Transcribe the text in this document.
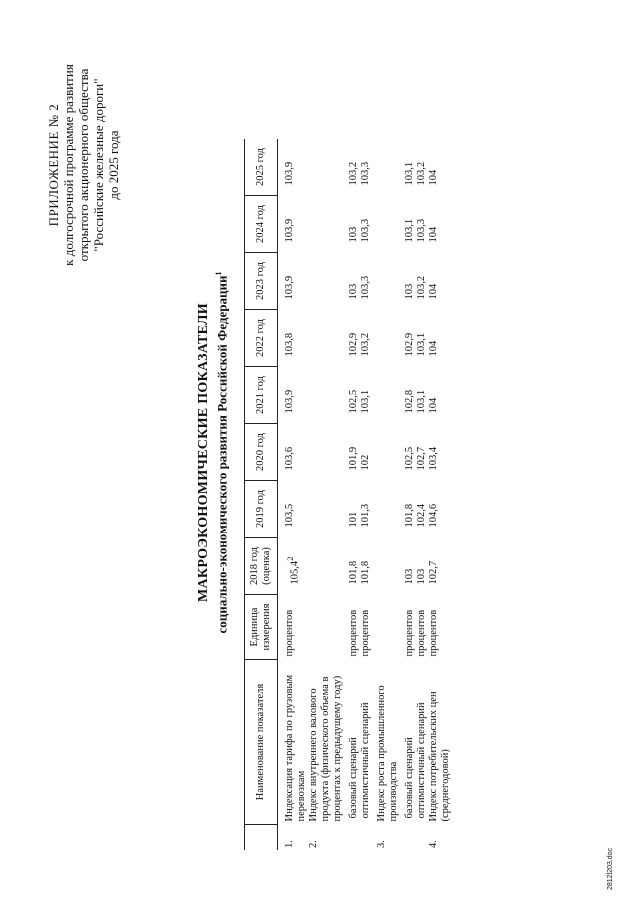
ПРИЛОЖЕНИЕ № 2 к долгосрочной программе развития открытого акционерного общества "Российские железные дороги" до 2025 года
МАКРОЭКОНОМИЧЕСКИЕ ПОКАЗАТЕЛИ социально-экономического развития Российской Федерации$^1$
	Наименование показателя	Единица измерения	2018 год (оценка)	2019 год	2020 год	2021 год	2022 год	2023 год	2024 год	2025 год
1.	Индексация тарифа по грузовым перевозкам	процентов	105,4$^2$	103,5	103,6	103,9	103,8	103,9	103,9	103,9
2.	Индекс внутреннего валового продукта (физического объема в процентах к предыдущему году)									

	базовый сценарий	процентов	101,8	101	101,9	102,5	102,9	103	103	103,2
	оптимистичный сценарий	процентов	101,8	101,3	102	103,1	103,2	103,3	103,3	103,3

3.	Индекс роста промышленного производства									

	базовый сценарий	процентов	103	101,8	102,5	102,8	102,9	103	103,1	103,1
	оптимистичный сценарий	процентов	103	102,4	102,7	103,1	103,1	103,2	103,3	103,2
4.	Индекс потребительских цен (среднегодовой)	процентов	102,7	104,6	103,4	104	104	104	104	104
2812l203.doc
